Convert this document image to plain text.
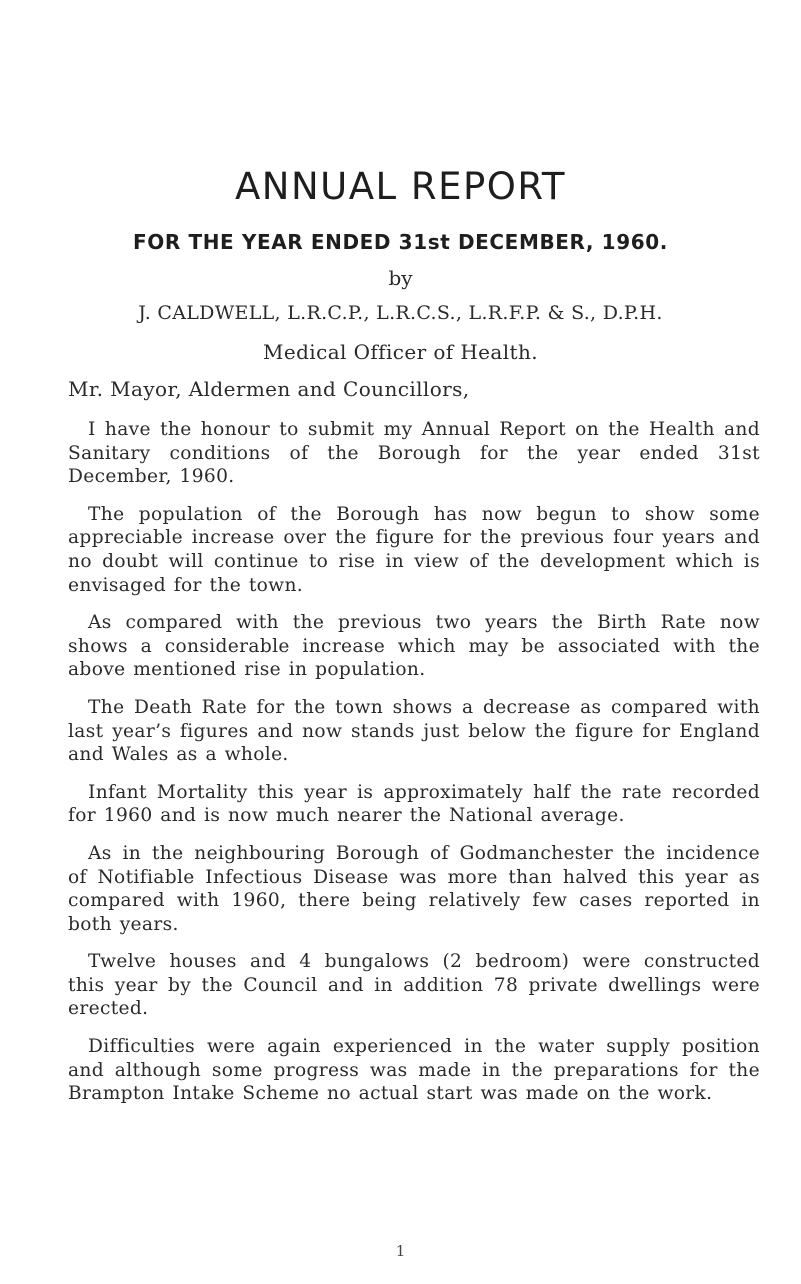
ANNUAL REPORT
FOR THE YEAR ENDED 31st DECEMBER, 1960.
by
J. CALDWELL, L.R.C.P., L.R.C.S., L.R.F.P. & S., D.P.H.
Medical Officer of Health.
Mr. Mayor, Aldermen and Councillors,

I have the honour to submit my Annual Report on the Health and Sanitary conditions of the Borough for the year ended 31st December, 1960.

The population of the Borough has now begun to show some appreciable increase over the figure for the previous four years and no doubt will continue to rise in view of the development which is envisaged for the town.

As compared with the previous two years the Birth Rate now shows a considerable increase which may be associated with the above mentioned rise in population.

The Death Rate for the town shows a decrease as compared with last year’s figures and now stands just below the figure for England and Wales as a whole.

Infant Mortality this year is approximately half the rate recorded for 1960 and is now much nearer the National average.

As in the neighbouring Borough of Godmanchester the incidence of Notifiable Infectious Disease was more than halved this year as compared with 1960, there being relatively few cases reported in both years.

Twelve houses and 4 bungalows (2 bedroom) were constructed this year by the Council and in addition 78 private dwellings were erected.

Difficulties were again experienced in the water supply position and although some progress was made in the preparations for the Brampton Intake Scheme no actual start was made on the work.

1
